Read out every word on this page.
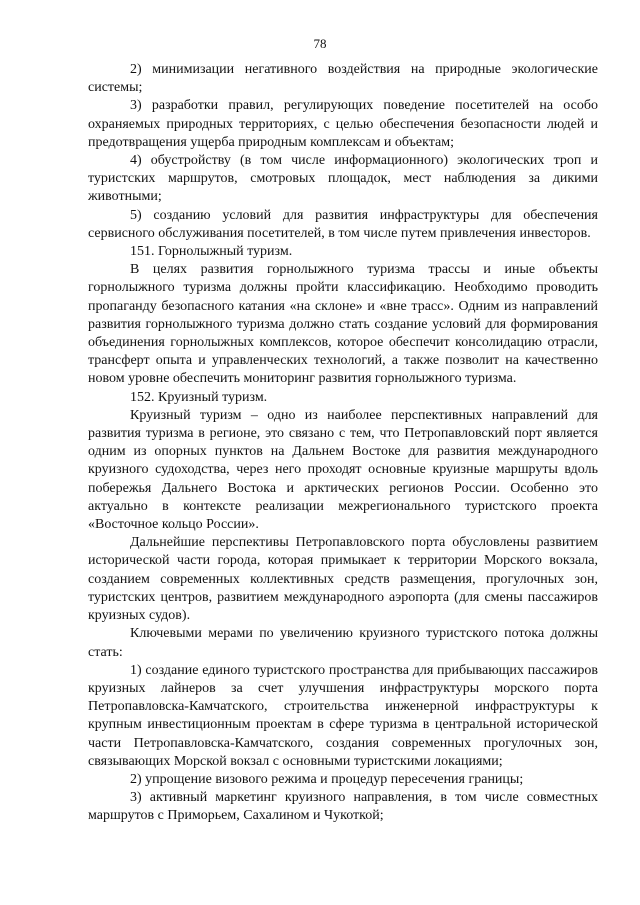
78

2) минимизации негативного воздействия на природные экологические системы;

3) разработки правил, регулирующих поведение посетителей на особо охраняемых природных территориях, с целью обеспечения безопасности людей и предотвращения ущерба природным комплексам и объектам;

4) обустройству (в том числе информационного) экологических троп и туристских маршрутов, смотровых площадок, мест наблюдения за дикими животными;

5) созданию условий для развития инфраструктуры для обеспечения сервисного обслуживания посетителей, в том числе путем привлечения инвесторов.

151. Горнолыжный туризм.

В целях развития горнолыжного туризма трассы и иные объекты горнолыжного туризма должны пройти классификацию. Необходимо проводить пропаганду безопасного катания «на склоне» и «вне трасс». Одним из направлений развития горнолыжного туризма должно стать создание условий для формирования объединения горнолыжных комплексов, которое обеспечит консолидацию отрасли, трансферт опыта и управленческих технологий, а также позволит на качественно новом уровне обеспечить мониторинг развития горнолыжного туризма.

152. Круизный туризм.

Круизный туризм – одно из наиболее перспективных направлений для развития туризма в регионе, это связано с тем, что Петропавловский порт является одним из опорных пунктов на Дальнем Востоке для развития международного круизного судоходства, через него проходят основные круизные маршруты вдоль побережья Дальнего Востока и арктических регионов России. Особенно это актуально в контексте реализации межрегионального туристского проекта «Восточное кольцо России».

Дальнейшие перспективы Петропавловского порта обусловлены развитием исторической части города, которая примыкает к территории Морского вокзала, созданием современных коллективных средств размещения, прогулочных зон, туристских центров, развитием международного аэропорта (для смены пассажиров круизных судов).

Ключевыми мерами по увеличению круизного туристского потока должны стать:

1) создание единого туристского пространства для прибывающих пассажиров круизных лайнеров за счет улучшения инфраструктуры морского порта Петропавловска-Камчатского, строительства инженерной инфраструктуры к крупным инвестиционным проектам в сфере туризма в центральной исторической части Петропавловска-Камчатского, создания современных прогулочных зон, связывающих Морской вокзал с основными туристскими локациями;

2) упрощение визового режима и процедур пересечения границы;

3) активный маркетинг круизного направления, в том числе совместных маршрутов с Приморьем, Сахалином и Чукоткой;
